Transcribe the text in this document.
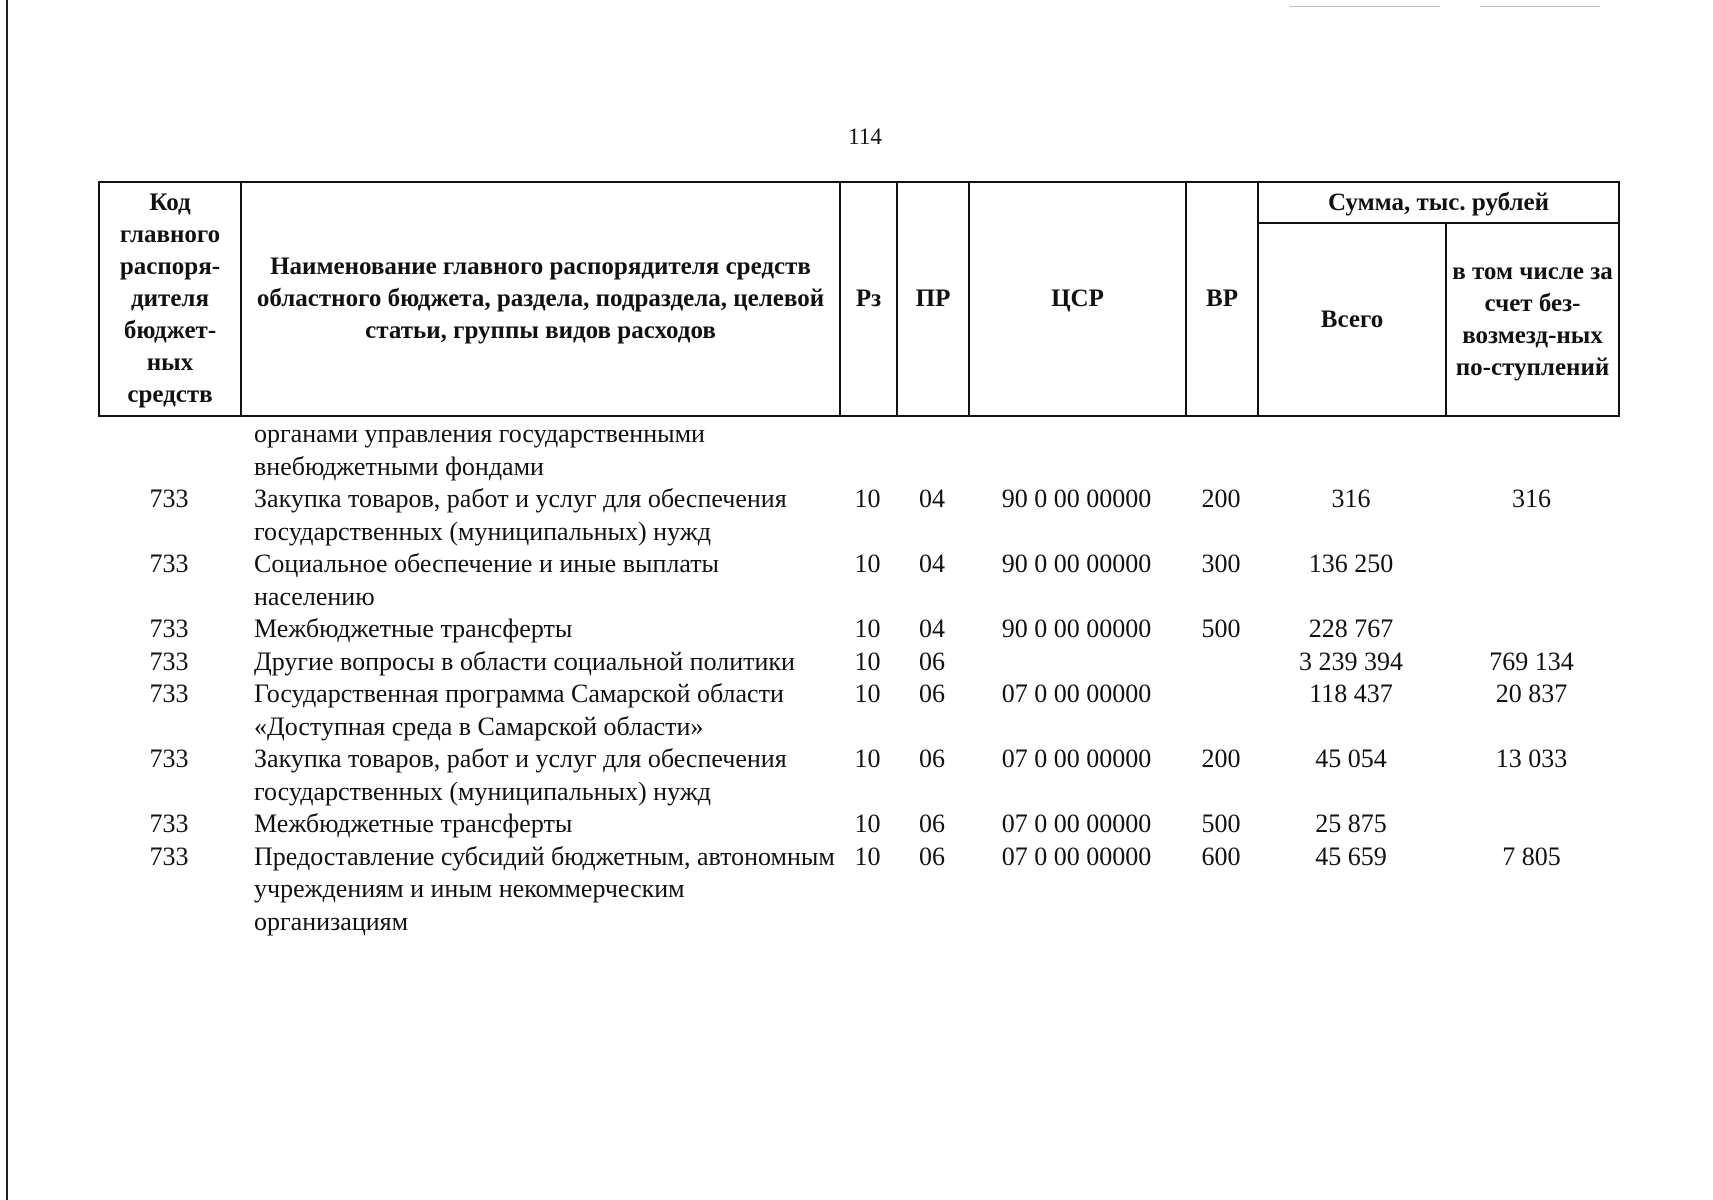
114
Код главного распоря-дителя бюджет-ных средств	Наименование главного распорядителя средств областного бюджета, раздела, подраздела, целевой статьи, группы видов расходов	Рз	ПР	ЦСР	ВР	Сумма, тыс. рублей	
						Всего	в том числе за счет без-возмезд-ных по-ступлений
	органами управления государственными внебюджетными фондами						
733	Закупка товаров, работ и услуг для обеспечения государственных (муниципальных) нужд	10	04	90 0 00 00000	200	316	316
733	Социальное обеспечение и иные выплаты населению	10	04	90 0 00 00000	300	136 250	
733	Межбюджетные трансферты	10	04	90 0 00 00000	500	228 767	
733	Другие вопросы в области социальной политики	10	06			3 239 394	769 134
733	Государственная программа Самарской области «Доступная среда в Самарской области»	10	06	07 0 00 00000		118 437	20 837
733	Закупка товаров, работ и услуг для обеспечения государственных (муниципальных) нужд	10	06	07 0 00 00000	200	45 054	13 033
733	Межбюджетные трансферты	10	06	07 0 00 00000	500	25 875	
733	Предоставление субсидий бюджетным, автономным учреждениям и иным некоммерческим организациям	10	06	07 0 00 00000	600	45 659	7 805
